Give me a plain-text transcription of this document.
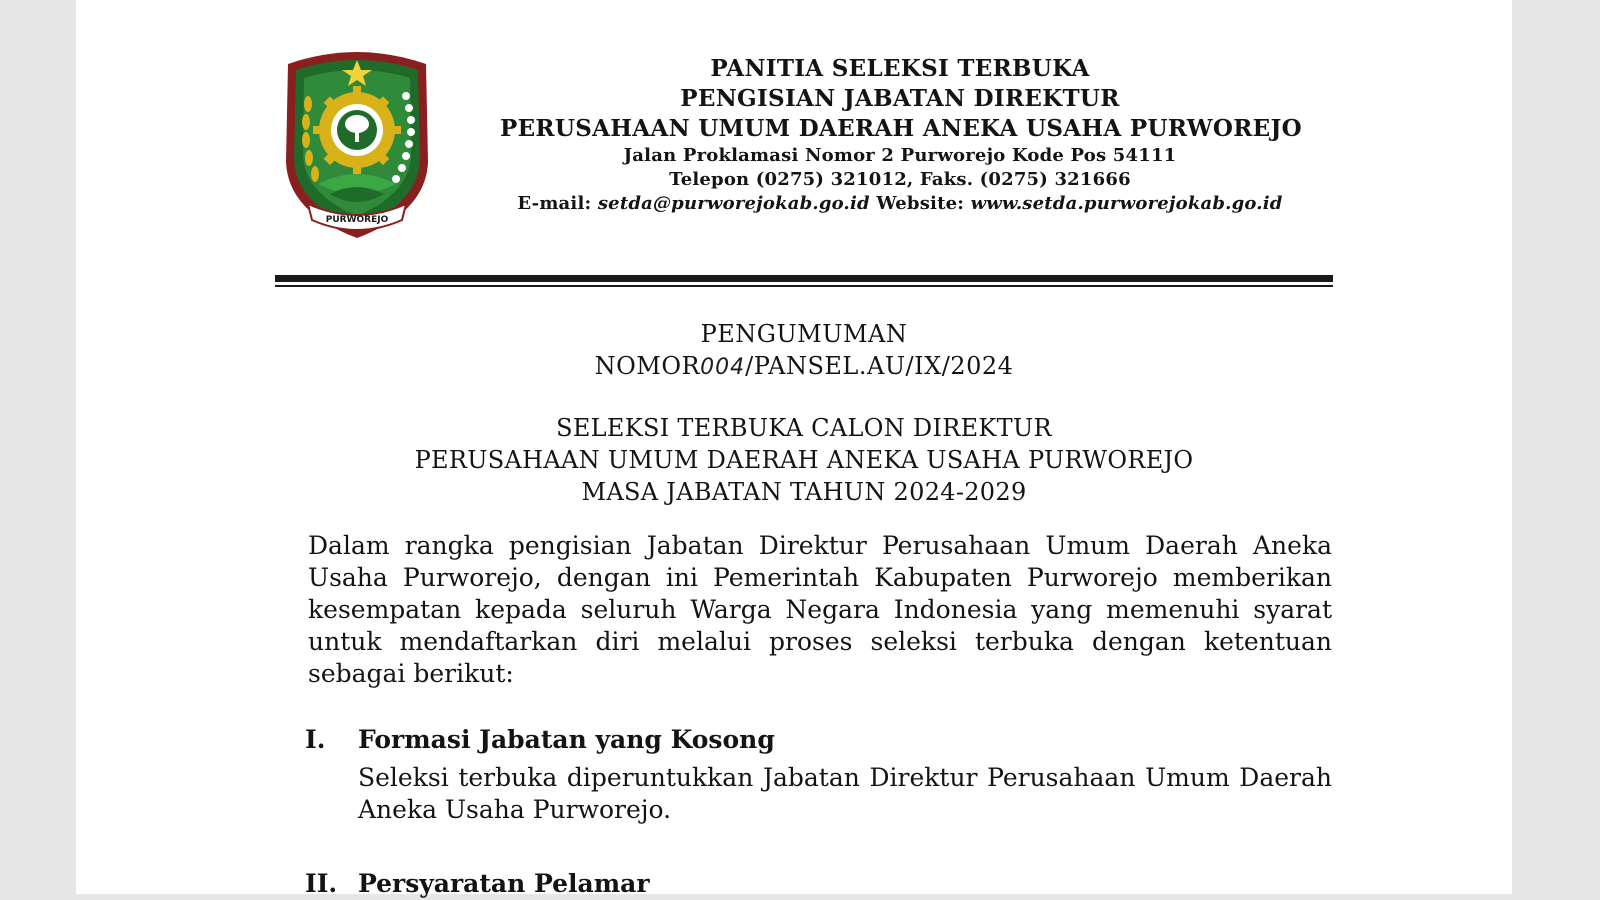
PURWOREJO
PANITIA SELEKSI TERBUKA
PENGISIAN JABATAN DIREKTUR
PERUSAHAAN UMUM DAERAH ANEKA USAHA PURWOREJO
Jalan Proklamasi Nomor 2 Purworejo Kode Pos 54111
Telepon (0275) 321012, Faks. (0275) 321666
E-mail: setda@purworejokab.go.id Website: www.setda.purworejokab.go.id
PENGUMUMAN
NOMOR004/PANSEL.AU/IX/2024
SELEKSI TERBUKA CALON DIREKTUR
PERUSAHAAN UMUM DAERAH ANEKA USAHA PURWOREJO
MASA JABATAN TAHUN 2024-2029
Dalam rangka pengisian Jabatan Direktur Perusahaan Umum Daerah Aneka Usaha Purworejo, dengan ini Pemerintah Kabupaten Purworejo memberikan kesempatan kepada seluruh Warga Negara Indonesia yang memenuhi syarat untuk mendaftarkan diri melalui proses seleksi terbuka dengan ketentuan sebagai berikut:
I. Formasi Jabatan yang Kosong
Seleksi terbuka diperuntukkan Jabatan Direktur Perusahaan Umum Daerah Aneka Usaha Purworejo.
II. Persyaratan Pelamar
